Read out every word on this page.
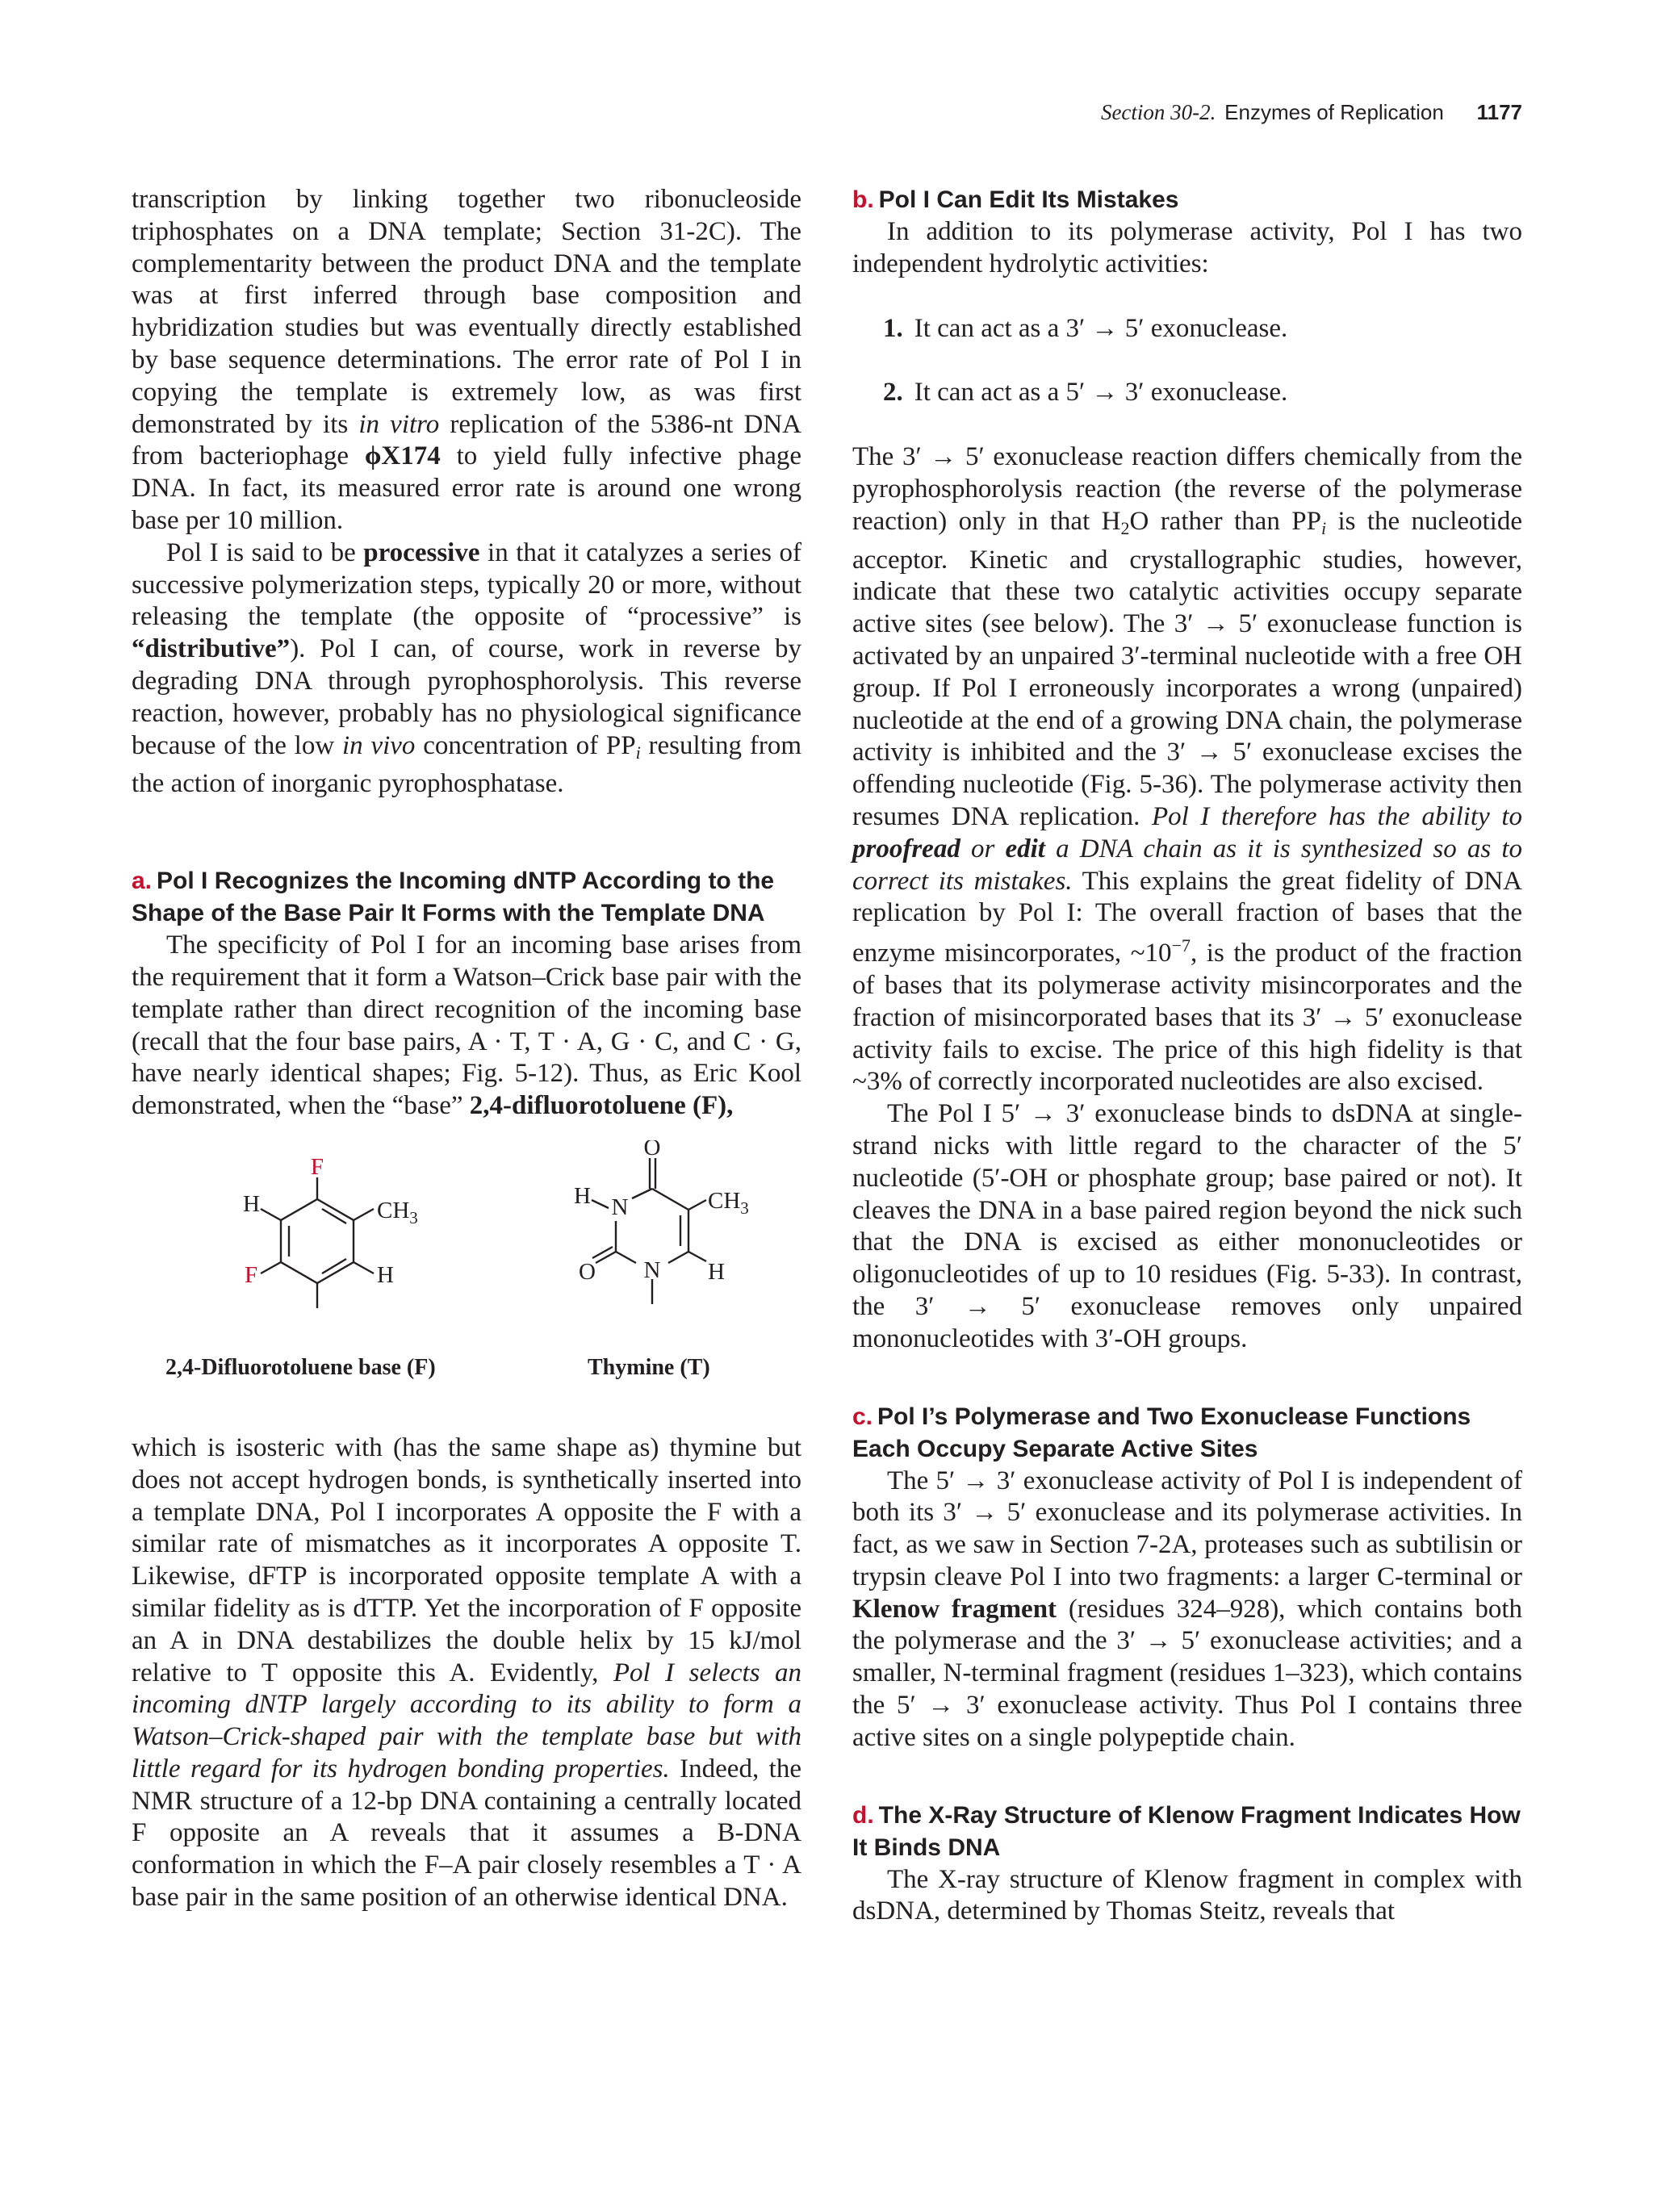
Section 30-2. Enzymes of Replication 1177

transcription by linking together two ribonucleoside triphosphates on a DNA template; Section 31-2C). The complementarity between the product DNA and the template was at first inferred through base composition and hybridization studies but was eventually directly established by base sequence determinations. The error rate of Pol I in copying the template is extremely low, as was first demonstrated by its in vitro replication of the 5386-nt DNA from bacteriophage ϕX174 to yield fully infective phage DNA. In fact, its measured error rate is around one wrong base per 10 million.

Pol I is said to be processive in that it catalyzes a series of successive polymerization steps, typically 20 or more, without releasing the template (the opposite of “processive” is “distributive”). Pol I can, of course, work in reverse by degrading DNA through pyrophosphorolysis. This reverse reaction, however, probably has no physiological significance because of the low in vivo concentration of PPi resulting from the action of inorganic pyrophosphatase.

a. Pol I Recognizes the Incoming dNTP According to the Shape of the Base Pair It Forms with the Template DNA

The specificity of Pol I for an incoming base arises from the requirement that it form a Watson–Crick base pair with the template rather than direct recognition of the incoming base (recall that the four base pairs, A · T, T · A, G · C, and C · G, have nearly identical shapes; Fig. 5-12). Thus, as Eric Kool demonstrated, when the “base” 2,4-difluorotoluene (F),

F
H
F
$CH_3$
H
O
H N	$CH_3$
O N H
2,4-Difluorotoluene base (F)	Thymine (T)

which is isosteric with (has the same shape as) thymine but does not accept hydrogen bonds, is synthetically inserted into a template DNA, Pol I incorporates A opposite the F with a similar rate of mismatches as it incorporates A opposite T. Likewise, dFTP is incorporated opposite template A with a similar fidelity as is dTTP. Yet the incorporation of F opposite an A in DNA destabilizes the double helix by 15 kJ/mol relative to T opposite this A. Evidently, Pol I selects an incoming dNTP largely according to its ability to form a Watson–Crick-shaped pair with the template base but with little regard for its hydrogen bonding properties. Indeed, the NMR structure of a 12-bp DNA containing a centrally located F opposite an A reveals that it assumes a B-DNA conformation in which the F–A pair closely resembles a T · A base pair in the same position of an otherwise identical DNA.

b. Pol I Can Edit Its Mistakes

In addition to its polymerase activity, Pol I has two independent hydrolytic activities:

1. It can act as a 3′ → 5′ exonuclease.

2. It can act as a 5′ → 3′ exonuclease.

The 3′ → 5′ exonuclease reaction differs chemically from the pyrophosphorolysis reaction (the reverse of the polymerase reaction) only in that $H_2O$ rather than PPi is the nucleotide acceptor. Kinetic and crystallographic studies, however, indicate that these two catalytic activities occupy separate active sites (see below). The 3′ → 5′ exonuclease function is activated by an unpaired 3′-terminal nucleotide with a free OH group. If Pol I erroneously incorporates a wrong (unpaired) nucleotide at the end of a growing DNA chain, the polymerase activity is inhibited and the 3′ → 5′ exonuclease excises the offending nucleotide (Fig. 5-36). The polymerase activity then resumes DNA replication. Pol I therefore has the ability to proofread or edit a DNA chain as it is synthesized so as to correct its mistakes. This explains the great fidelity of DNA replication by Pol I: The overall fraction of bases that the enzyme misincorporates, $\sim 10^{-7}$, is the product of the fraction of bases that its polymerase activity misincorporates and the fraction of misincorporated bases that its 3′ → 5′ exonuclease activity fails to excise. The price of this high fidelity is that ~3% of correctly incorporated nucleotides are also excised.

The Pol I 5′ → 3′ exonuclease binds to dsDNA at single-strand nicks with little regard to the character of the 5′ nucleotide (5′-OH or phosphate group; base paired or not). It cleaves the DNA in a base paired region beyond the nick such that the DNA is excised as either mononucleotides or oligonucleotides of up to 10 residues (Fig. 5-33). In contrast, the 3′ → 5′ exonuclease removes only unpaired mononucleotides with 3′-OH groups.

c. Pol I’s Polymerase and Two Exonuclease Functions Each Occupy Separate Active Sites

The 5′ → 3′ exonuclease activity of Pol I is independent of both its 3′ → 5′ exonuclease and its polymerase activities. In fact, as we saw in Section 7-2A, proteases such as subtilisin or trypsin cleave Pol I into two fragments: a larger C-terminal or Klenow fragment (residues 324–928), which contains both the polymerase and the 3′ → 5′ exonuclease activities; and a smaller, N-terminal fragment (residues 1–323), which contains the 5′ → 3′ exonuclease activity. Thus Pol I contains three active sites on a single polypeptide chain.

d. The X-Ray Structure of Klenow Fragment Indicates How It Binds DNA

The X-ray structure of Klenow fragment in complex with dsDNA, determined by Thomas Steitz, reveals that
